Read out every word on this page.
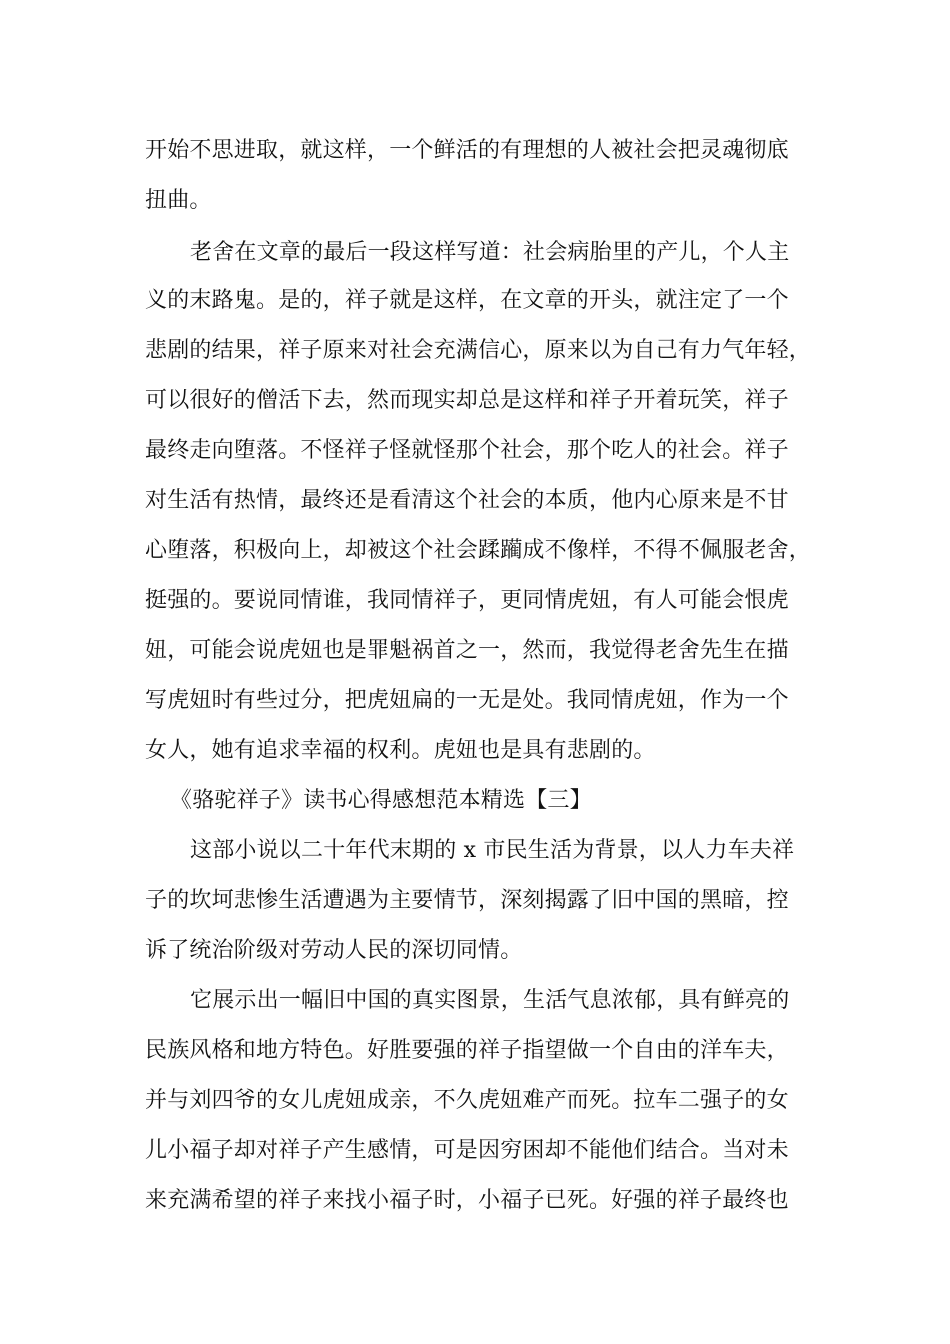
开始不思进取，就这样，一个鲜活的有理想的人被社会把灵魂彻底
扭曲。
老舍在文章的最后一段这样写道：社会病胎里的产儿，个人主
义的末路鬼。是的，祥子就是这样，在文章的开头，就注定了一个
悲剧的结果，祥子原来对社会充满信心，原来以为自己有力气年轻，
可以很好的僧活下去，然而现实却总是这样和祥子开着玩笑，祥子
最终走向堕落。不怪祥子怪就怪那个社会，那个吃人的社会。祥子
对生活有热情，最终还是看清这个社会的本质，他内心原来是不甘
心堕落，积极向上，却被这个社会蹂躏成不像样，不得不佩服老舍，
挺强的。要说同情谁，我同情祥子，更同情虎妞，有人可能会恨虎
妞，可能会说虎妞也是罪魁祸首之一，然而，我觉得老舍先生在描
写虎妞时有些过分，把虎妞扁的一无是处。我同情虎妞，作为一个
女人，她有追求幸福的权利。虎妞也是具有悲剧的。
《骆驼祥子》读书心得感想范本精选【三】
这部小说以二十年代末期的 x 市民生活为背景，以人力车夫祥
子的坎坷悲惨生活遭遇为主要情节，深刻揭露了旧中国的黑暗，控
诉了统治阶级对劳动人民的深切同情。
它展示出一幅旧中国的真实图景，生活气息浓郁，具有鲜亮的
民族风格和地方特色。好胜要强的祥子指望做一个自由的洋车夫，
并与刘四爷的女儿虎妞成亲，不久虎妞难产而死。拉车二强子的女
儿小福子却对祥子产生感情，可是因穷困却不能他们结合。当对未
来充满希望的祥子来找小福子时，小福子已死。好强的祥子最终也
